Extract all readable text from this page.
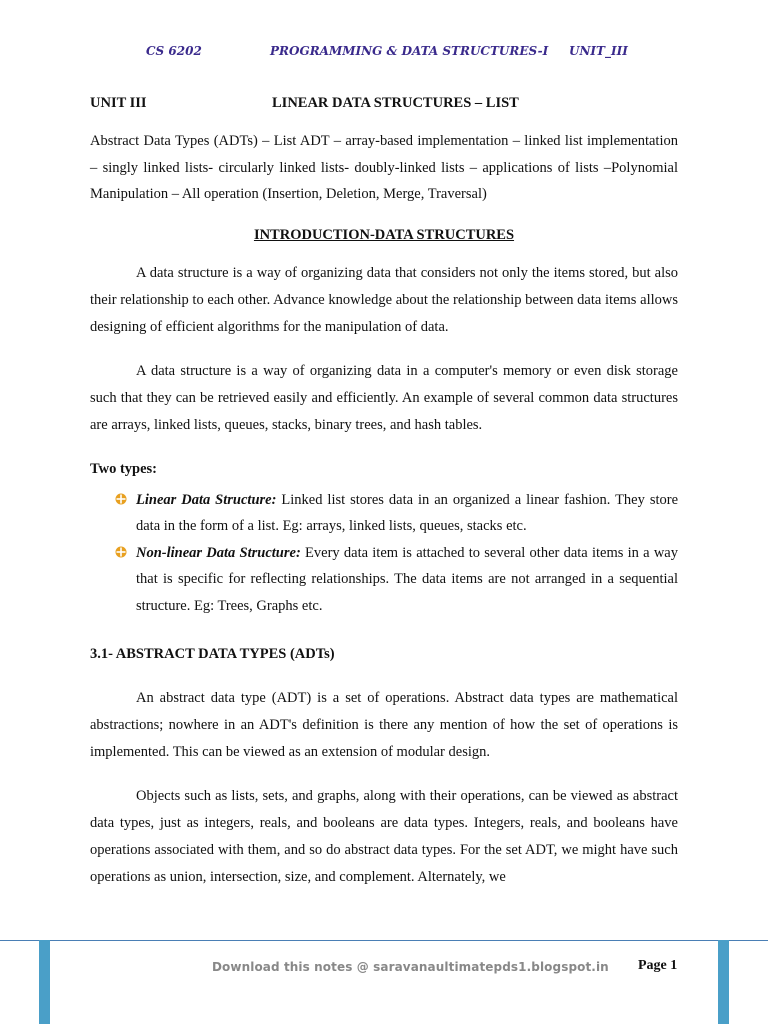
CS 6202	PROGRAMMING & DATA STRUCTURES-I UNIT_III
UNIT III	LINEAR DATA STRUCTURES – LIST

Abstract Data Types (ADTs) – List ADT – array-based implementation – linked list implementation – singly linked lists- circularly linked lists- doubly-linked lists – applications of lists –Polynomial Manipulation – All operation (Insertion, Deletion, Merge, Traversal)

INTRODUCTION-DATA STRUCTURES

A data structure is a way of organizing data that considers not only the items stored, but also their relationship to each other. Advance knowledge about the relationship between data items allows designing of efficient algorithms for the manipulation of data.

A data structure is a way of organizing data in a computer's memory or even disk storage such that they can be retrieved easily and efficiently. An example of several common data structures are arrays, linked lists, queues, stacks, binary trees, and hash tables.

Two types:
Linear Data Structure: Linked list stores data in an organized a linear fashion. They store data in the form of a list. Eg: arrays, linked lists, queues, stacks etc.
Non-linear Data Structure: Every data item is attached to several other data items in a way that is specific for reflecting relationships. The data items are not arranged in a sequential structure. Eg: Trees, Graphs etc.
3.1- ABSTRACT DATA TYPES (ADTs)

An abstract data type (ADT) is a set of operations. Abstract data types are mathematical abstractions; nowhere in an ADT's definition is there any mention of how the set of operations is implemented. This can be viewed as an extension of modular design.

Objects such as lists, sets, and graphs, along with their operations, can be viewed as abstract data types, just as integers, reals, and booleans are data types. Integers, reals, and booleans have operations associated with them, and so do abstract data types. For the set ADT, we might have such operations as union, intersection, size, and complement. Alternately, we

Download this notes @ saravanaultimatepds1.blogspot.in Page 1
